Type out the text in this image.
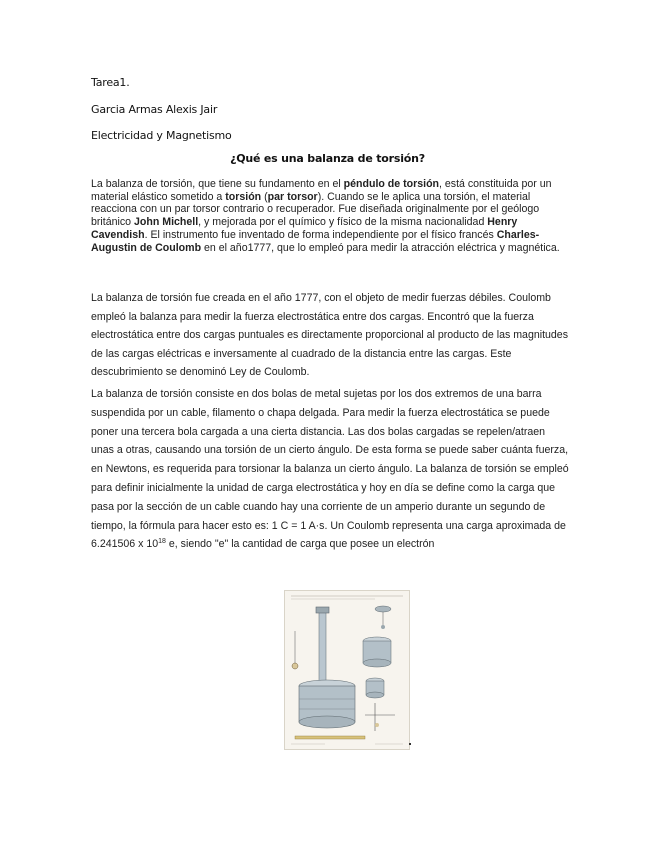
Tarea1.
Garcia Armas Alexis Jair
Electricidad y Magnetismo
¿Qué es una balanza de torsión?

La balanza de torsión, que tiene su fundamento en el péndulo de torsión, está constituida por un material elástico sometido a torsión (par torsor). Cuando se le aplica una torsión, el material reacciona con un par torsor contrario o recuperador. Fue diseñada originalmente por el geólogo británico John Michell, y mejorada por el químico y físico de la misma nacionalidad Henry Cavendish. El instrumento fue inventado de forma independiente por el físico francés Charles-Augustin de Coulomb en el año1777, que lo empleó para medir la atracción eléctrica y magnética.

La balanza de torsión fue creada en el año 1777, con el objeto de medir fuerzas débiles. Coulomb empleó la balanza para medir la fuerza electrostática entre dos cargas. Encontró que la fuerza electrostática entre dos cargas puntuales es directamente proporcional al producto de las magnitudes de las cargas eléctricas e inversamente al cuadrado de la distancia entre las cargas. Este descubrimiento se denominó Ley de Coulomb.

La balanza de torsión consiste en dos bolas de metal sujetas por los dos extremos de una barra suspendida por un cable, filamento o chapa delgada. Para medir la fuerza electrostática se puede poner una tercera bola cargada a una cierta distancia. Las dos bolas cargadas se repelen/atraen unas a otras, causando una torsión de un cierto ángulo. De esta forma se puede saber cuánta fuerza, en Newtons, es requerida para torsionar la balanza un cierto ángulo. La balanza de torsión se empleó para definir inicialmente la unidad de carga electrostática y hoy en día se define como la carga que pasa por la sección de un cable cuando hay una corriente de un amperio durante un segundo de tiempo, la fórmula para hacer esto es: 1 C = 1 A·s. Un Coulomb representa una carga aproximada de 6.241506 x $10^{18}$ e, siendo "e" la cantidad de carga que posee un electrón
